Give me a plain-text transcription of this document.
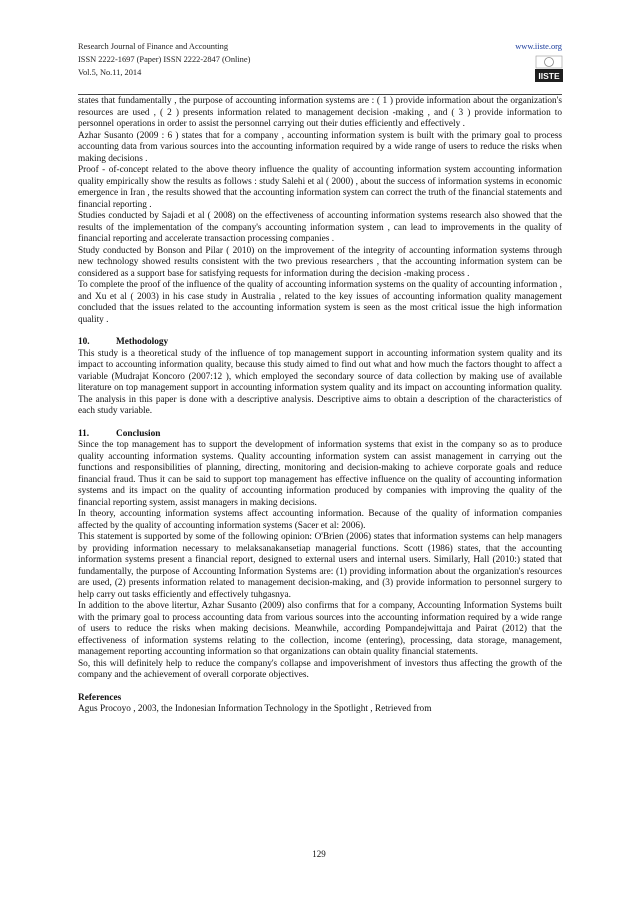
Research Journal of Finance and Accounting
ISSN 2222-1697 (Paper) ISSN 2222-2847 (Online)
Vol.5, No.11, 2014
www.iiste.org
IISTE

states that fundamentally , the purpose of accounting information systems are : ( 1 ) provide information about the organization's resources are used , ( 2 ) presents information related to management decision -making , and ( 3 ) provide information to personnel operations in order to assist the personnel carrying out their duties efficiently and effectively .

Azhar Susanto (2009 : 6 ) states that for a company , accounting information system is built with the primary goal to process accounting data from various sources into the accounting information required by a wide range of users to reduce the risks when making decisions .

Proof - of-concept related to the above theory influence the quality of accounting information system accounting information quality empirically show the results as follows : study Salehi et al ( 2000) , about the success of information systems in economic emergence in Iran , the results showed that the accounting information system can correct the truth of the financial statements and financial reporting .

Studies conducted by Sajadi et al ( 2008) on the effectiveness of accounting information systems research also showed that the results of the implementation of the company's accounting information system , can lead to improvements in the quality of financial reporting and accelerate transaction processing companies .

Study conducted by Bonson and Pilar ( 2010) on the improvement of the integrity of accounting information systems through new technology showed results consistent with the two previous researchers , that the accounting information system can be considered as a support base for satisfying requests for information during the decision -making process .

To complete the proof of the influence of the quality of accounting information systems on the quality of accounting information , and Xu et al ( 2003) in his case study in Australia , related to the key issues of accounting information quality management concluded that the issues related to the accounting information system is seen as the most critical issue the high information quality .

10.	Methodology

This study is a theoretical study of the influence of top management support in accounting information system quality and its impact to accounting information quality, because this study aimed to find out what and how much the factors thought to affect a variable (Mudrajat Koncoro (2007:12 ), which employed the secondary source of data collection by making use of available literature on top management support in accounting information system quality and its impact on accounting information quality. The analysis in this paper is done with a descriptive analysis. Descriptive aims to obtain a description of the characteristics of each study variable.

11.	Conclusion

Since the top management has to support the development of information systems that exist in the company so as to produce quality accounting information systems. Quality accounting information system can assist management in carrying out the functions and responsibilities of planning, directing, monitoring and decision-making to achieve corporate goals and reduce financial fraud. Thus it can be said to support top management has effective influence on the quality of accounting information systems and its impact on the quality of accounting information produced by companies with improving the quality of the financial reporting system, assist managers in making decisions.

In theory, accounting information systems affect accounting information. Because of the quality of information companies affected by the quality of accounting information systems (Sacer et al: 2006).

This statement is supported by some of the following opinion: O'Brien (2006) states that information systems can help managers by providing information necessary to melaksanakansetiap managerial functions. Scott (1986) states, that the accounting information systems present a financial report, designed to external users and internal users. Similarly, Hall (2010:) stated that fundamentally, the purpose of Accounting Information Systems are: (1) providing information about the organization's resources are used, (2) presents information related to management decision-making, and (3) provide information to personnel surgery to help carry out tasks efficiently and effectively tuhgasnya.

In addition to the above litertur, Azhar Susanto (2009) also confirms that for a company, Accounting Information Systems built with the primary goal to process accounting data from various sources into the accounting information required by a wide range of users to reduce the risks when making decisions. Meanwhile, according Pompandejwittaja and Pairat (2012) that the effectiveness of information systems relating to the collection, income (entering), processing, data storage, management, management reporting accounting information so that organizations can obtain quality financial statements.

So, this will definitely help to reduce the company's collapse and impoverishment of investors thus affecting the growth of the company and the achievement of overall corporate objectives.

References

Agus Procoyo , 2003, the Indonesian Information Technology in the Spotlight , Retrieved from

129
